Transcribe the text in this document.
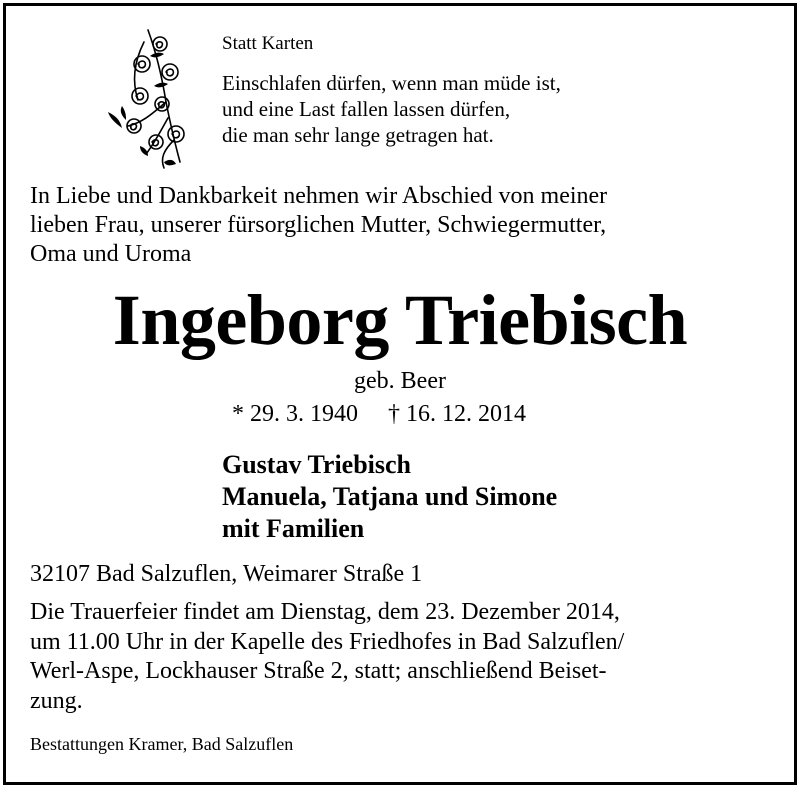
Statt Karten
Einschlafen dürfen, wenn man müde ist,
und eine Last fallen lassen dürfen,
die man sehr lange getragen hat.
In Liebe und Dankbarkeit nehmen wir Abschied von meiner
lieben Frau, unserer fürsorglichen Mutter, Schwiegermutter,
Oma und Uroma
Ingeborg Triebisch
geb. Beer
* 29. 3. 1940 † 16. 12. 2014
Gustav Triebisch
Manuela, Tatjana und Simone
mit Familien
32107 Bad Salzuflen, Weimarer Straße 1
Die Trauerfeier findet am Dienstag, dem 23. Dezember 2014,
um 11.00 Uhr in der Kapelle des Friedhofes in Bad Salzuflen/
Werl-Aspe, Lockhauser Straße 2, statt; anschließend Beiset-
zung.
Bestattungen Kramer, Bad Salzuflen
